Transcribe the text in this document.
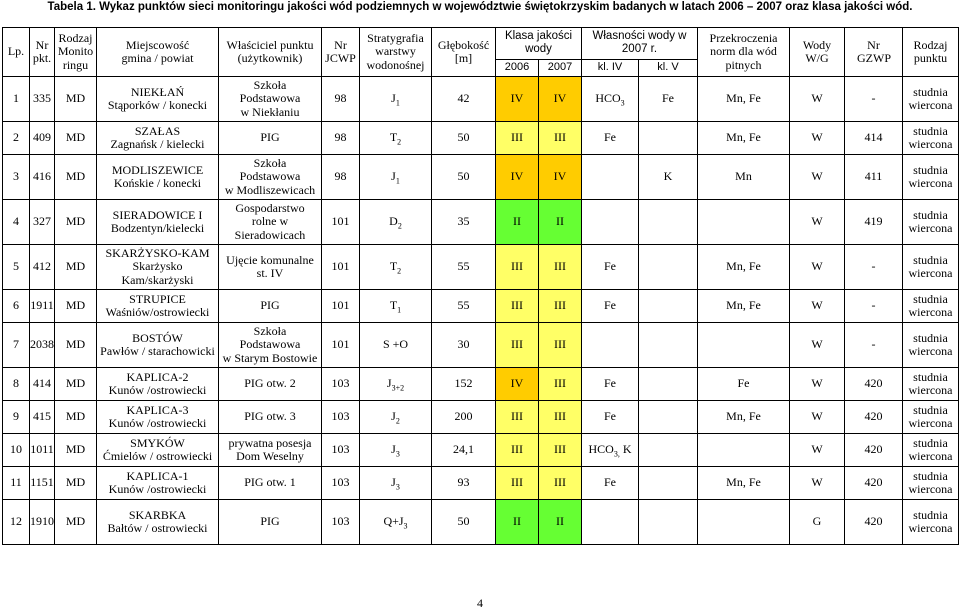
Tabela 1. Wykaz punktów sieci monitoringu jakości wód podziemnych w województwie świętokrzyskim badanych w latach 2006 – 2007 oraz klasa jakości wód.
Lp.	Nr pkt.	Rodzaj Monito ringu	Miejscowość gmina / powiat	Właściciel punktu (użytkownik)	Nr JCWP	Stratygrafia warstwy wodonośnej	Głębokość [m]	Klasa jakości wody		Własności wody w 2007 r.		Przekroczenia norm dla wód pitnych	Wody W/G	Nr GZWP	Rodzaj punktu
								2006	2007	kl. IV	kl. V				
1	335	MD	NIEKŁAŃ
Stąporków / konecki	Szkoła
Podstawowa
w Niekłaniu	98	$J_1$	42	IV	IV	$HCO_3$	Fe	Mn, Fe	W	-	studnia
wiercona
2	409	MD	SZAŁAS
Zagnańsk / kielecki	PIG	98	$T_2$	50	III	III	Fe		Mn, Fe	W	414	studnia
wiercona
3	416	MD	MODLISZEWICE
Końskie / konecki	Szkoła
Podstawowa
w Modliszewicach	98	$J_1$	50	IV	IV		K	Mn	W	411	studnia
wiercona
4	327	MD	SIERADOWICE I
Bodzentyn/kielecki	Gospodarstwo
rolne w
Sieradowicach	101	$D_2$	35	II	II				W	419	studnia
wiercona
5	412	MD	SKARŻYSKO-KAM
Skarżysko
Kam/skarżyski	Ujęcie komunalne
st. IV	101	$T_2$	55	III	III	Fe		Mn, Fe	W	-	studnia
wiercona
6	1911	MD	STRUPICE
Waśniów/ostrowiecki	PIG	101	$T_1$	55	III	III	Fe		Mn, Fe	W	-	studnia
wiercona
7	2038	MD	BOSTÓW
Pawłów / starachowicki	Szkoła
Podstawowa
w Starym Bostowie	101	S +O	30	III	III				W	-	studnia
wiercona
8	414	MD	KAPLICA-2
Kunów /ostrowiecki	PIG otw. 2	103	$J_{3+2}$	152	IV	III	Fe		Fe	W	420	studnia
wiercona
9	415	MD	KAPLICA-3
Kunów /ostrowiecki	PIG otw. 3	103	$J_2$	200	III	III	Fe		Mn, Fe	W	420	studnia
wiercona
10	1011	MD	SMYKÓW
Ćmielów / ostrowiecki	prywatna posesja
Dom Weselny	103	$J_3$	24,1	III	III	$HCO_{3,}$ K			W	420	studnia
wiercona
11	1151	MD	KAPLICA-1
Kunów /ostrowiecki	PIG otw. 1	103	$J_3$	93	III	III	Fe		Mn, Fe	W	420	studnia
wiercona
12	1910	MD	SKARBKA
Bałtów / ostrowiecki	PIG	103	$Q+J_3$	50	II	II				G	420	studnia
wiercona
4
